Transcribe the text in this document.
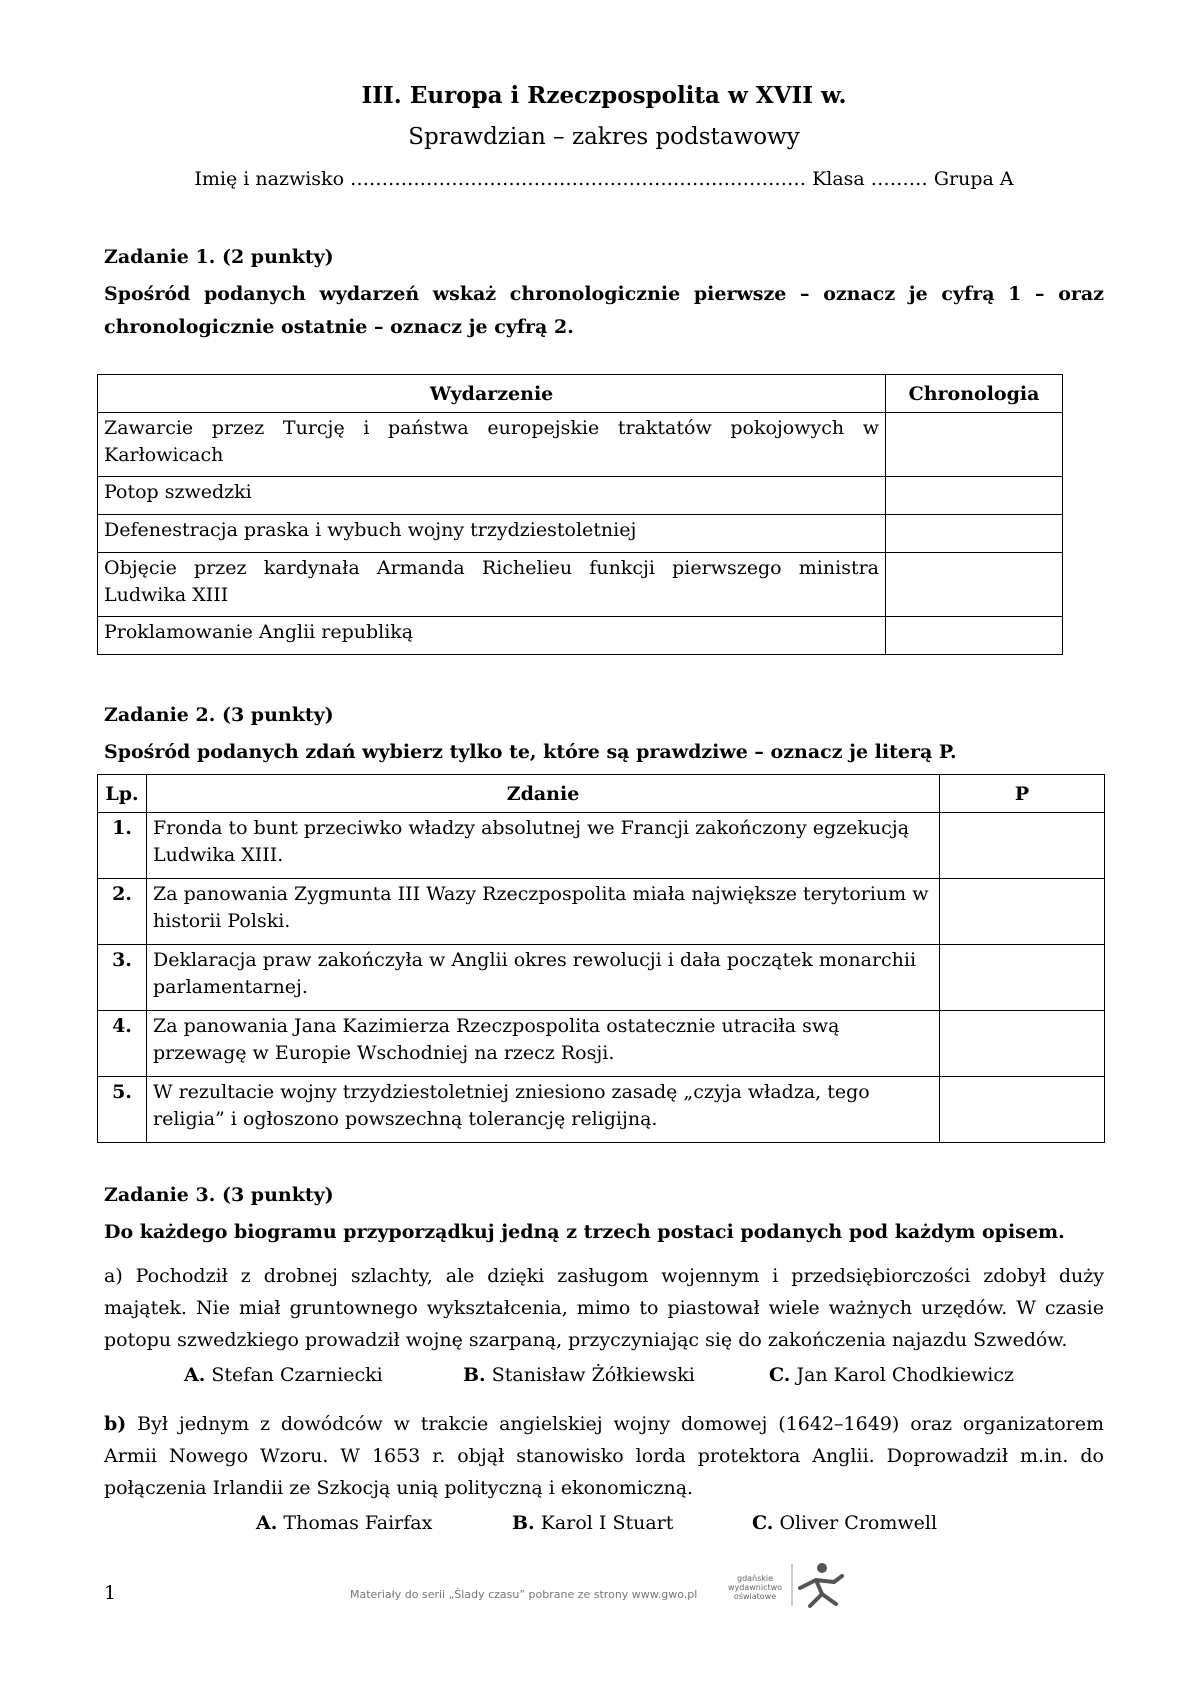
III. Europa i Rzeczpospolita w XVII w.
Sprawdzian – zakres podstawowy
Imię i nazwisko ……………………………………………………………… Klasa ……… Grupa A
Zadanie 1. (2 punkty)
Spośród podanych wydarzeń wskaż chronologicznie pierwsze – oznacz je cyfrą 1 – oraz chronologicznie ostatnie – oznacz je cyfrą 2.
Wydarzenie	Chronologia
Zawarcie przez Turcję i państwa europejskie traktatów pokojowych w Karłowicach	
Potop szwedzki	
Defenestracja praska i wybuch wojny trzydziestoletniej	
Objęcie przez kardynała Armanda Richelieu funkcji pierwszego ministra Ludwika XIII	
Proklamowanie Anglii republiką	
Zadanie 2. (3 punkty)
Spośród podanych zdań wybierz tylko te, które są prawdziwe – oznacz je literą P.
Lp.	Zdanie	P
1.	Fronda to bunt przeciwko władzy absolutnej we Francji zakończony egzekucją Ludwika XIII.	
2.	Za panowania Zygmunta III Wazy Rzeczpospolita miała największe terytorium w historii Polski.	
3.	Deklaracja praw zakończyła w Anglii okres rewolucji i dała początek monarchii parlamentarnej.	
4.	Za panowania Jana Kazimierza Rzeczpospolita ostatecznie utraciła swą przewagę w Europie Wschodniej na rzecz Rosji.	
5.	W rezultacie wojny trzydziestoletniej zniesiono zasadę „czyja władza, tego religia” i ogłoszono powszechną tolerancję religijną.	
Zadanie 3. (3 punkty)
Do każdego biogramu przyporządkuj jedną z trzech postaci podanych pod każdym opisem.
a) Pochodził z drobnej szlachty, ale dzięki zasługom wojennym i przedsiębiorczości zdobył duży majątek. Nie miał gruntownego wykształcenia, mimo to piastował wiele ważnych urzędów. W czasie potopu szwedzkiego prowadził wojnę szarpaną, przyczyniając się do zakończenia najazdu Szwedów.
A. Stefan Czarniecki	B. Stanisław Żółkiewski	C. Jan Karol Chodkiewicz
b) Był jednym z dowódców w trakcie angielskiej wojny domowej (1642–1649) oraz organizatorem Armii Nowego Wzoru. W 1653 r. objął stanowisko lorda protektora Anglii. Doprowadził m.in. do połączenia Irlandii ze Szkocją unią polityczną i ekonomiczną.
A. Thomas Fairfax	B. Karol I Stuart	C. Oliver Cromwell
1	Materiały do serii „Ślady czasu” pobrane ze strony www.gwo.pl
gdańskie
wydawnictwo
oświatowe
